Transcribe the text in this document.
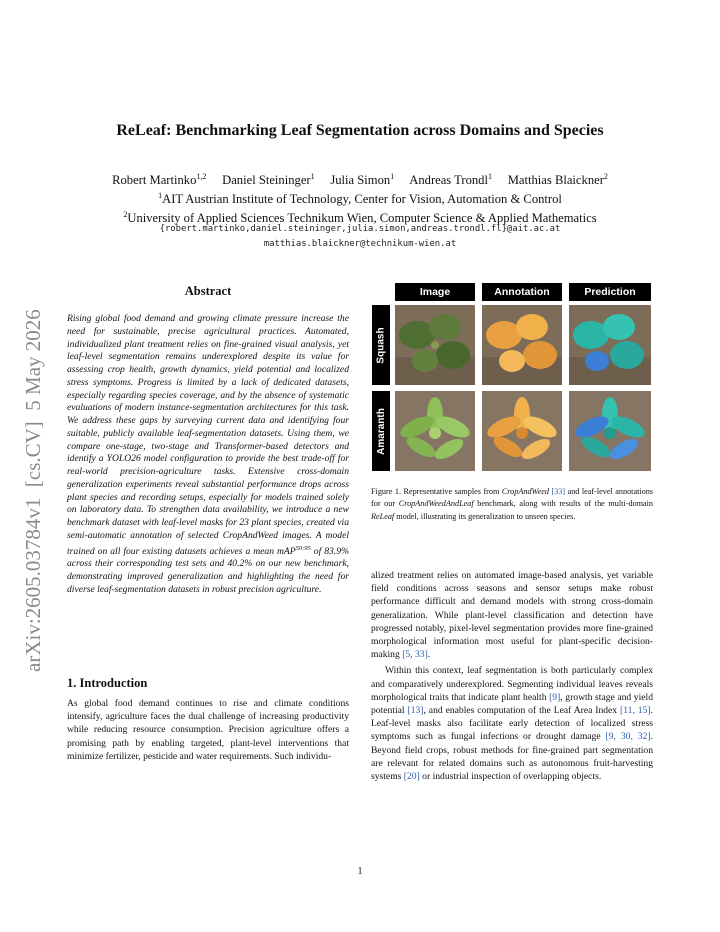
arXiv:2605.03784v1  [cs.CV]  5 May 2026
ReLeaf: Benchmarking Leaf Segmentation across Domains and Species
Robert Martinko$^{1,2}$ Daniel Steininger$^1$ Julia Simon$^1$ Andreas Trondl$^1$ Matthias Blaickner$^2$
$^1$AIT Austrian Institute of Technology, Center for Vision, Automation & Control
$^2$University of Applied Sciences Technikum Wien, Computer Science & Applied Mathematics
{robert.martinko,daniel.steininger,julia.simon,andreas.trondl.fl}@ait.ac.at
matthias.blaickner@technikum-wien.at
Abstract
Rising global food demand and growing climate pressure increase the need for sustainable, precise agricultural practices. Automated, individualized plant treatment relies on fine-grained visual analysis, yet leaf-level segmentation remains underexplored despite its value for assessing crop health, growth dynamics, yield potential and localized stress symptoms. Progress is limited by a lack of dedicated datasets, especially regarding species coverage, and by the absence of systematic evaluations of modern instance-segmentation architectures for this task. We address these gaps by surveying current data and identifying four suitable, publicly available leaf-segmentation datasets. Using them, we compare one-stage, two-stage and Transformer-based detectors and identify a YOLO26 model configuration to provide the best trade-off for real-world precision-agriculture tasks. Extensive cross-domain generalization experiments reveal substantial performance drops across plant species and recording setups, especially for models trained solely on laboratory data. To strengthen data availability, we introduce a new benchmark dataset with leaf-level masks for 23 plant species, created via semi-automatic annotation of selected CropAndWeed images. A model trained on all four existing datasets achieves a mean mAP$^{50:95}$ of 83.9% across their corresponding test sets and 40.2% on our new benchmark, demonstrating improved generalization and highlighting the need for diverse leaf-segmentation datasets in robust precision agriculture.
1. Introduction
As global food demand continues to rise and climate conditions intensify, agriculture faces the dual challenge of increasing productivity while reducing resource consumption. Precision agriculture offers a promising path by enabling targeted, plant-level interventions that minimize fertilizer, pesticide and water requirements. Such individu-
Image	Annotation	Prediction
Squash
Amaranth
Figure 1. Representative samples from CropAndWeed [33] and leaf-level annotations for our CropAndWeedAndLeaf benchmark, along with results of the multi-domain ReLeaf model, illustrating its generalization to unseen species.

alized treatment relies on automated image-based analysis, yet variable field conditions across seasons and sensor setups make robust performance difficult and demand models with strong cross-domain generalization. While plant-level classification and detection have progressed notably, pixel-level segmentation provides more fine-grained morphological information most useful for plant-specific decision-making [5, 33].

Within this context, leaf segmentation is both particularly complex and comparatively underexplored. Segmenting individual leaves reveals morphological traits that indicate plant health [9], growth stage and yield potential [13], and enables computation of the Leaf Area Index [11, 15]. Leaf-level masks also facilitate early detection of localized stress symptoms such as fungal infections or drought damage [9, 30, 32]. Beyond field crops, robust methods for fine-grained part segmentation are relevant for related domains such as autonomous fruit-harvesting systems [20] or industrial inspection of overlapping objects.

1
